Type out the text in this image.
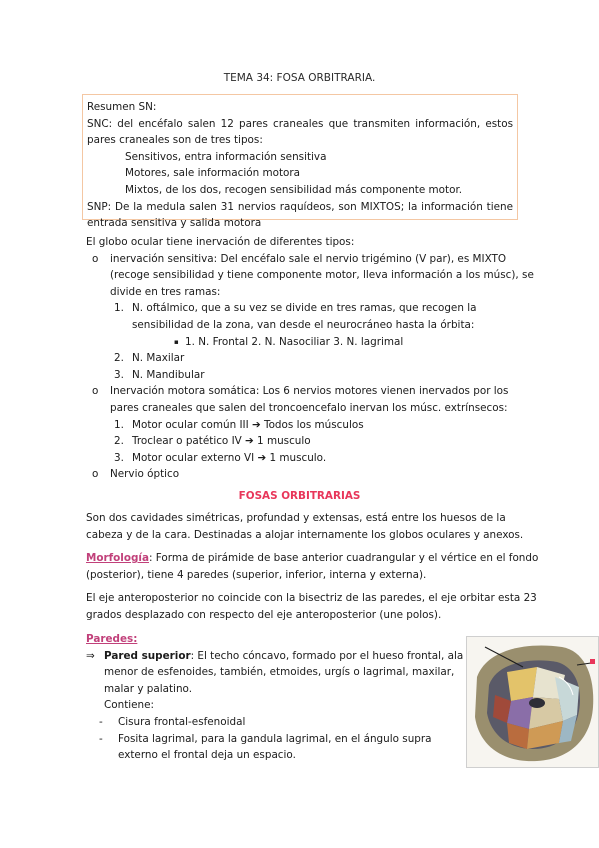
TEMA 34: FOSA ORBITRARIA.
Resumen SN:
SNC: del encéfalo salen 12 pares craneales que transmiten información, estos pares craneales son de tres tipos:
Sensitivos, entra información sensitiva
Motores, sale información motora
Mixtos, de los dos, recogen sensibilidad más componente motor.
SNP: De la medula salen 31 nervios raquídeos, son MIXTOS; la información tiene entrada sensitiva y salida motora
El globo ocular tiene inervación de diferentes tipos:
o inervación sensitiva: Del encéfalo sale el nervio trigémino (V par), es MIXTO
(recoge sensibilidad y tiene componente motor, lleva información a los músc), se
divide en tres ramas:
1. N. oftálmico, que a su vez se divide en tres ramas, que recogen la
sensibilidad de la zona, van desde el neurocráneo hasta la órbita:
▪ 1. N. Frontal 2. N. Nasociliar 3. N. lagrimal
2. N. Maxilar
3. N. Mandibular
o Inervación motora somática: Los 6 nervios motores vienen inervados por los
pares craneales que salen del troncoencefalo inervan los músc. extrínsecos:
1. Motor ocular común III ➔ Todos los músculos
2. Troclear o patético IV ➔ 1 musculo
3. Motor ocular externo VI ➔ 1 musculo.
o Nervio óptico
FOSAS ORBITRARIAS
Son dos cavidades simétricas, profundad y extensas, está entre los huesos de la
cabeza y de la cara. Destinadas a alojar internamente los globos oculares y anexos.
Morfología: Forma de pirámide de base anterior cuadrangular y el vértice en el fondo
(posterior), tiene 4 paredes (superior, inferior, interna y externa).
El eje anteroposterior no coincide con la bisectriz de las paredes, el eje orbitar esta 23
grados desplazado con respecto del eje anteroposterior (une polos).
Paredes:
⇒ Pared superior: El techo cóncavo, formado por el hueso frontal, ala
menor de esfenoides, también, etmoides, urgís o lagrimal, maxilar,
malar y palatino.
Contiene:
- Cisura frontal-esfenoidal
- Fosita lagrimal, para la gandula lagrimal, en el ángulo supra
externo el frontal deja un espacio.
